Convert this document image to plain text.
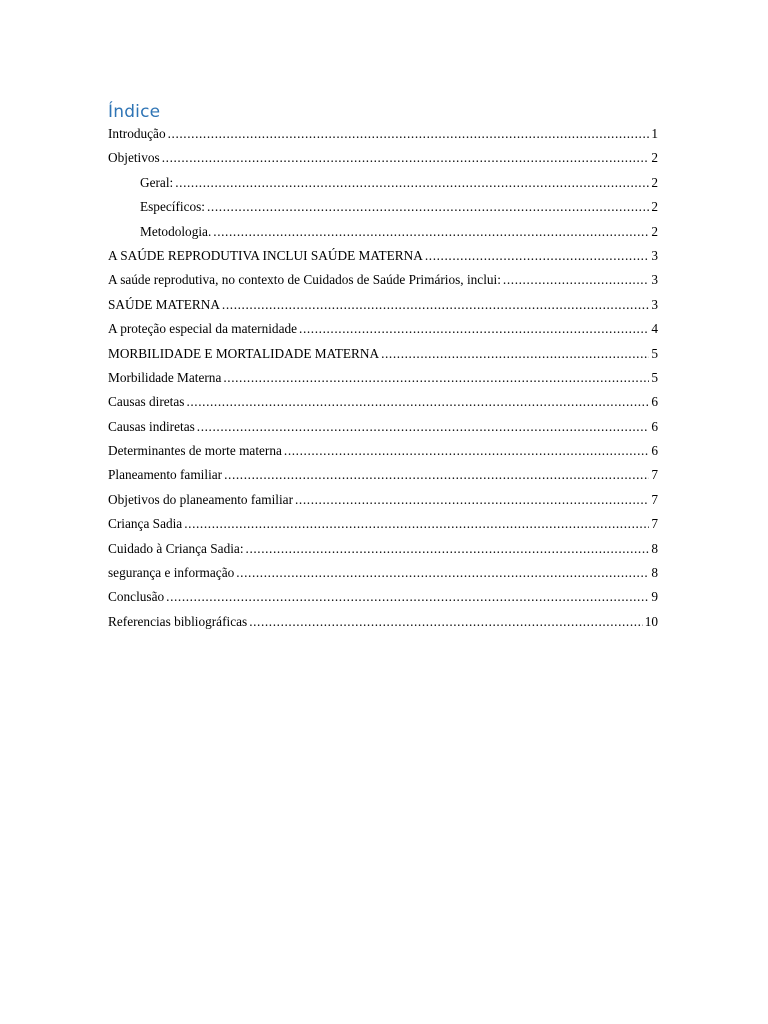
Índice
Introdução .....	1
Objetivos .....	2
Geral: .....	2
Específicos: .....	2
Metodologia. .....	2
A SAÚDE REPRODUTIVA INCLUI SAÚDE MATERNA .....	3
A saúde reprodutiva, no contexto de Cuidados de Saúde Primários, inclui: .....	3
SAÚDE MATERNA .....	3
A proteção especial da maternidade .....	4
MORBILIDADE E MORTALIDADE MATERNA .....	5
Morbilidade Materna .....	5
Causas diretas .....	6
Causas indiretas .....	6
Determinantes de morte materna .....	6
Planeamento familiar .....	7
Objetivos do planeamento familiar .....	7
Criança Sadia .....	7
Cuidado à Criança Sadia: .....	8
segurança e informação .....	8
Conclusão .....	9
Referencias bibliográficas .....	10
